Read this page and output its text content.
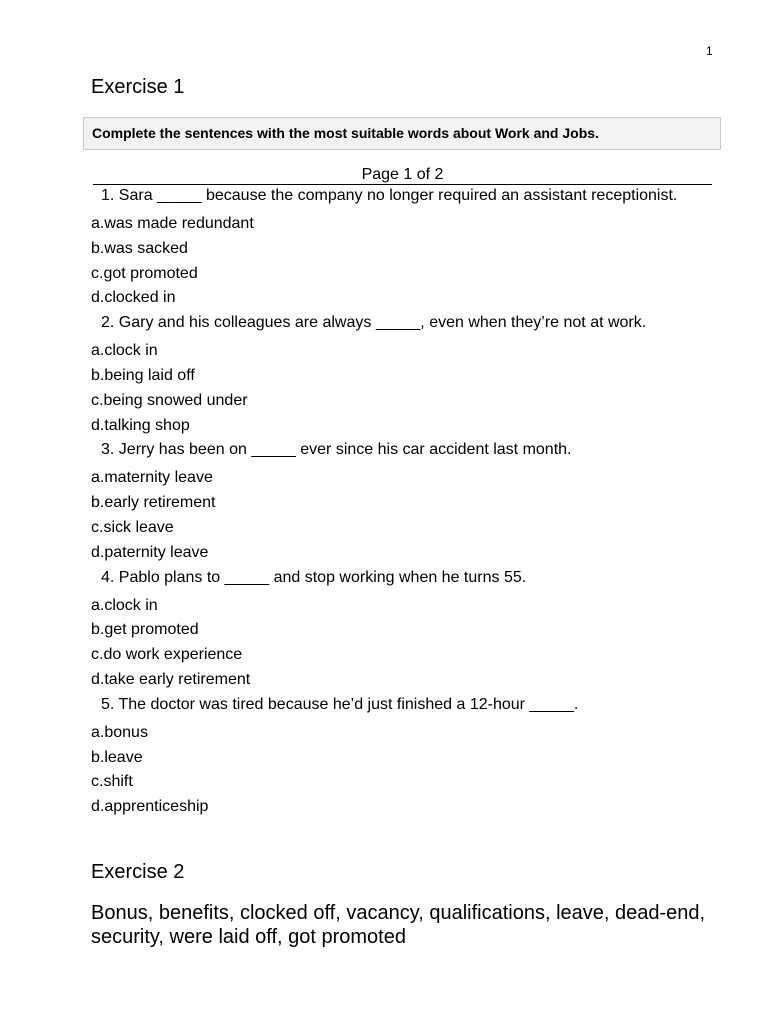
1
Exercise 1
Complete the sentences with the most suitable words about Work and Jobs.
Page 1 of 2

1. Sara _____ because the company no longer required an assistant receptionist.

a.was made redundant
b.was sacked
c.got promoted
d.clocked in

2. Gary and his colleagues are always _____, even when they’re not at work.

a.clock in
b.being laid off
c.being snowed under
d.talking shop

3. Jerry has been on _____ ever since his car accident last month.

a.maternity leave
b.early retirement
c.sick leave
d.paternity leave

4. Pablo plans to _____ and stop working when he turns 55.

a.clock in
b.get promoted
c.do work experience
d.take early retirement

5. The doctor was tired because he’d just finished a 12-hour _____.

a.bonus
b.leave
c.shift
d.apprenticeship
Exercise 2

Bonus, benefits, clocked off, vacancy, qualifications, leave, dead-end, security, were laid off, got promoted
